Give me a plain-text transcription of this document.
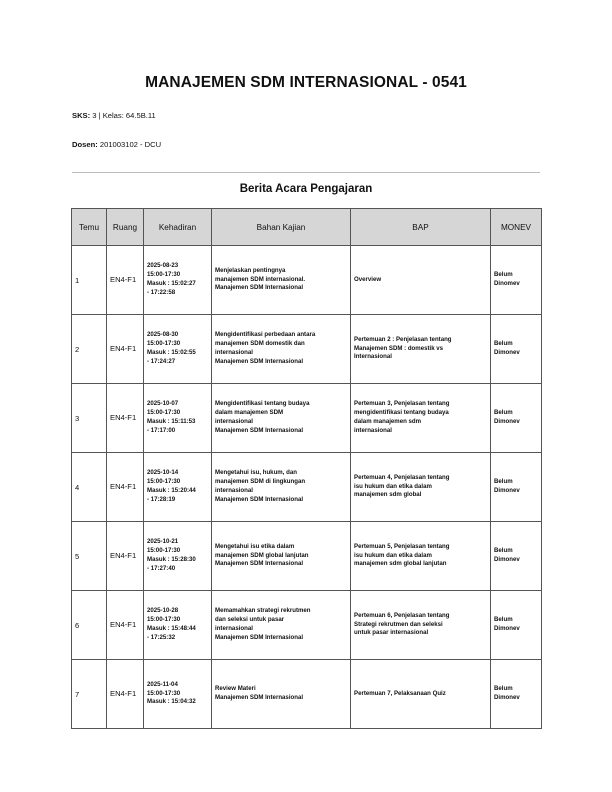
MANAJEMEN SDM INTERNASIONAL - 0541
SKS: 3 | Kelas: 64.5B.11
Dosen: 201003102 - DCU
Berita Acara Pengajaran
Temu	Ruang	Kehadiran	Bahan Kajian	BAP	MONEV
1	EN4-F1	2025-08-23
15:00-17:30
Masuk : 15:02:27
- 17:22:58	Menjelaskan pentingnya
manajemen SDM internasional.
Manajemen SDM Internasional	Overview	Belum
Dinomev

2	EN4-F1	2025-08-30
15:00-17:30
Masuk : 15:02:55
- 17:24:27	Mengidentifikasi perbedaan antara
manajemen SDM domestik dan
internasional
Manajemen SDM Internasional	Pertemuan 2 : Penjelasan tentang
Manajemen SDM : domestik vs
Internasional	Belum
Dimonev

3	EN4-F1	2025-10-07
15:00-17:30
Masuk : 15:11:53
- 17:17:00	Mengidentifikasi tentang budaya
dalam manajemen SDM
internasional
Manajemen SDM Internasional	Pertemuan 3, Penjelasan tentang
mengidentifikasi tentang budaya
dalam manajemen sdm
internasional	Belum
Dimonev

4	EN4-F1	2025-10-14
15:00-17:30
Masuk : 15:20:44
- 17:28:19	Mengetahui isu, hukum, dan
manajemen SDM di lingkungan
internasional
Manajemen SDM Internasional	Pertemuan 4, Penjelasan tentang
isu hukum dan etika dalam
manajemen sdm global	Belum
Dimonev

5	EN4-F1	2025-10-21
15:00-17:30
Masuk : 15:28:30
- 17:27:40	Mengetahui isu etika dalam
manajemen SDM global lanjutan
Manajemen SDM Internasional	Pertemuan 5, Penjelasan tentang
isu hukum dan etika dalam
manajemen sdm global lanjutan	Belum
Dimonev

6	EN4-F1	2025-10-28
15:00-17:30
Masuk : 15:48:44
- 17:25:32	Memamahkan strategi rekrutmen
dan seleksi untuk pasar
internasional
Manajemen SDM Internasional	Pertemuan 6, Penjelasan tentang
Strategi rekrutmen dan seleksi
untuk pasar internasional	Belum
Dimonev

7	EN4-F1	2025-11-04
15:00-17:30
Masuk : 15:04:32	Review Materi
Manajemen SDM Internasional	Pertemuan 7, Pelaksanaan Quiz	Belum
Dimonev
